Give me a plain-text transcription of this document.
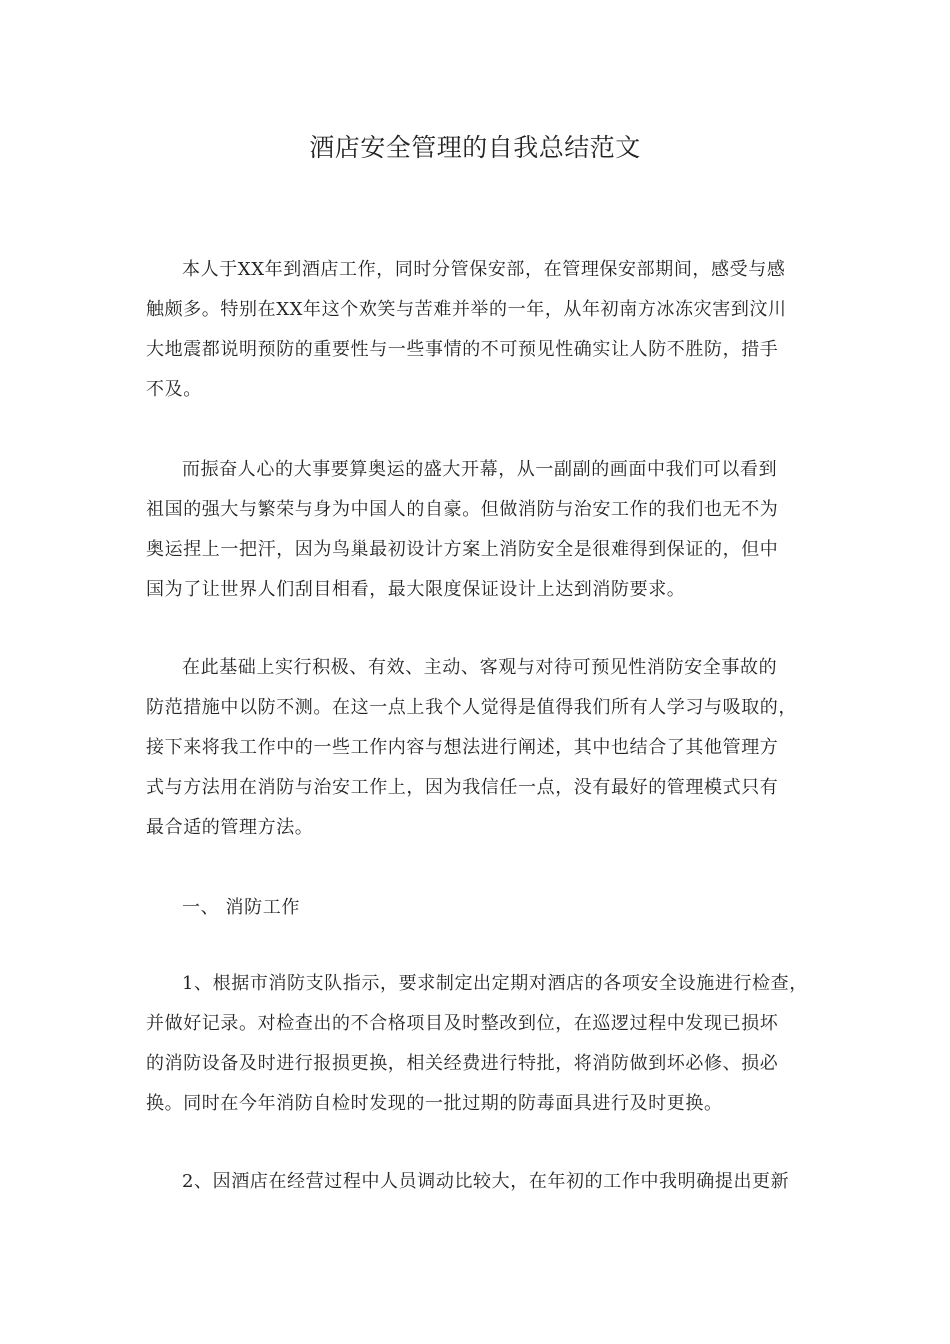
酒店安全管理的自我总结范文
本人于XX年到酒店工作，同时分管保安部，在管理保安部期间，感受与感
触颇多。特别在XX年这个欢笑与苦难并举的一年，从年初南方冰冻灾害到汶川
大地震都说明预防的重要性与一些事情的不可预见性确实让人防不胜防，措手
不及。
而振奋人心的大事要算奥运的盛大开幕，从一副副的画面中我们可以看到
祖国的强大与繁荣与身为中国人的自豪。但做消防与治安工作的我们也无不为
奥运捏上一把汗，因为鸟巢最初设计方案上消防安全是很难得到保证的，但中
国为了让世界人们刮目相看，最大限度保证设计上达到消防要求。
在此基础上实行积极、有效、主动、客观与对待可预见性消防安全事故的
防范措施中以防不测。在这一点上我个人觉得是值得我们所有人学习与吸取的，
接下来将我工作中的一些工作内容与想法进行阐述，其中也结合了其他管理方
式与方法用在消防与治安工作上，因为我信任一点，没有最好的管理模式只有
最合适的管理方法。
一、 消防工作
1、根据市消防支队指示，要求制定出定期对酒店的各项安全设施进行检查，
并做好记录。对检查出的不合格项目及时整改到位，在巡逻过程中发现已损坏
的消防设备及时进行报损更换，相关经费进行特批，将消防做到坏必修、损必
换。同时在今年消防自检时发现的一批过期的防毒面具进行及时更换。
2、因酒店在经营过程中人员调动比较大，在年初的工作中我明确提出更新
